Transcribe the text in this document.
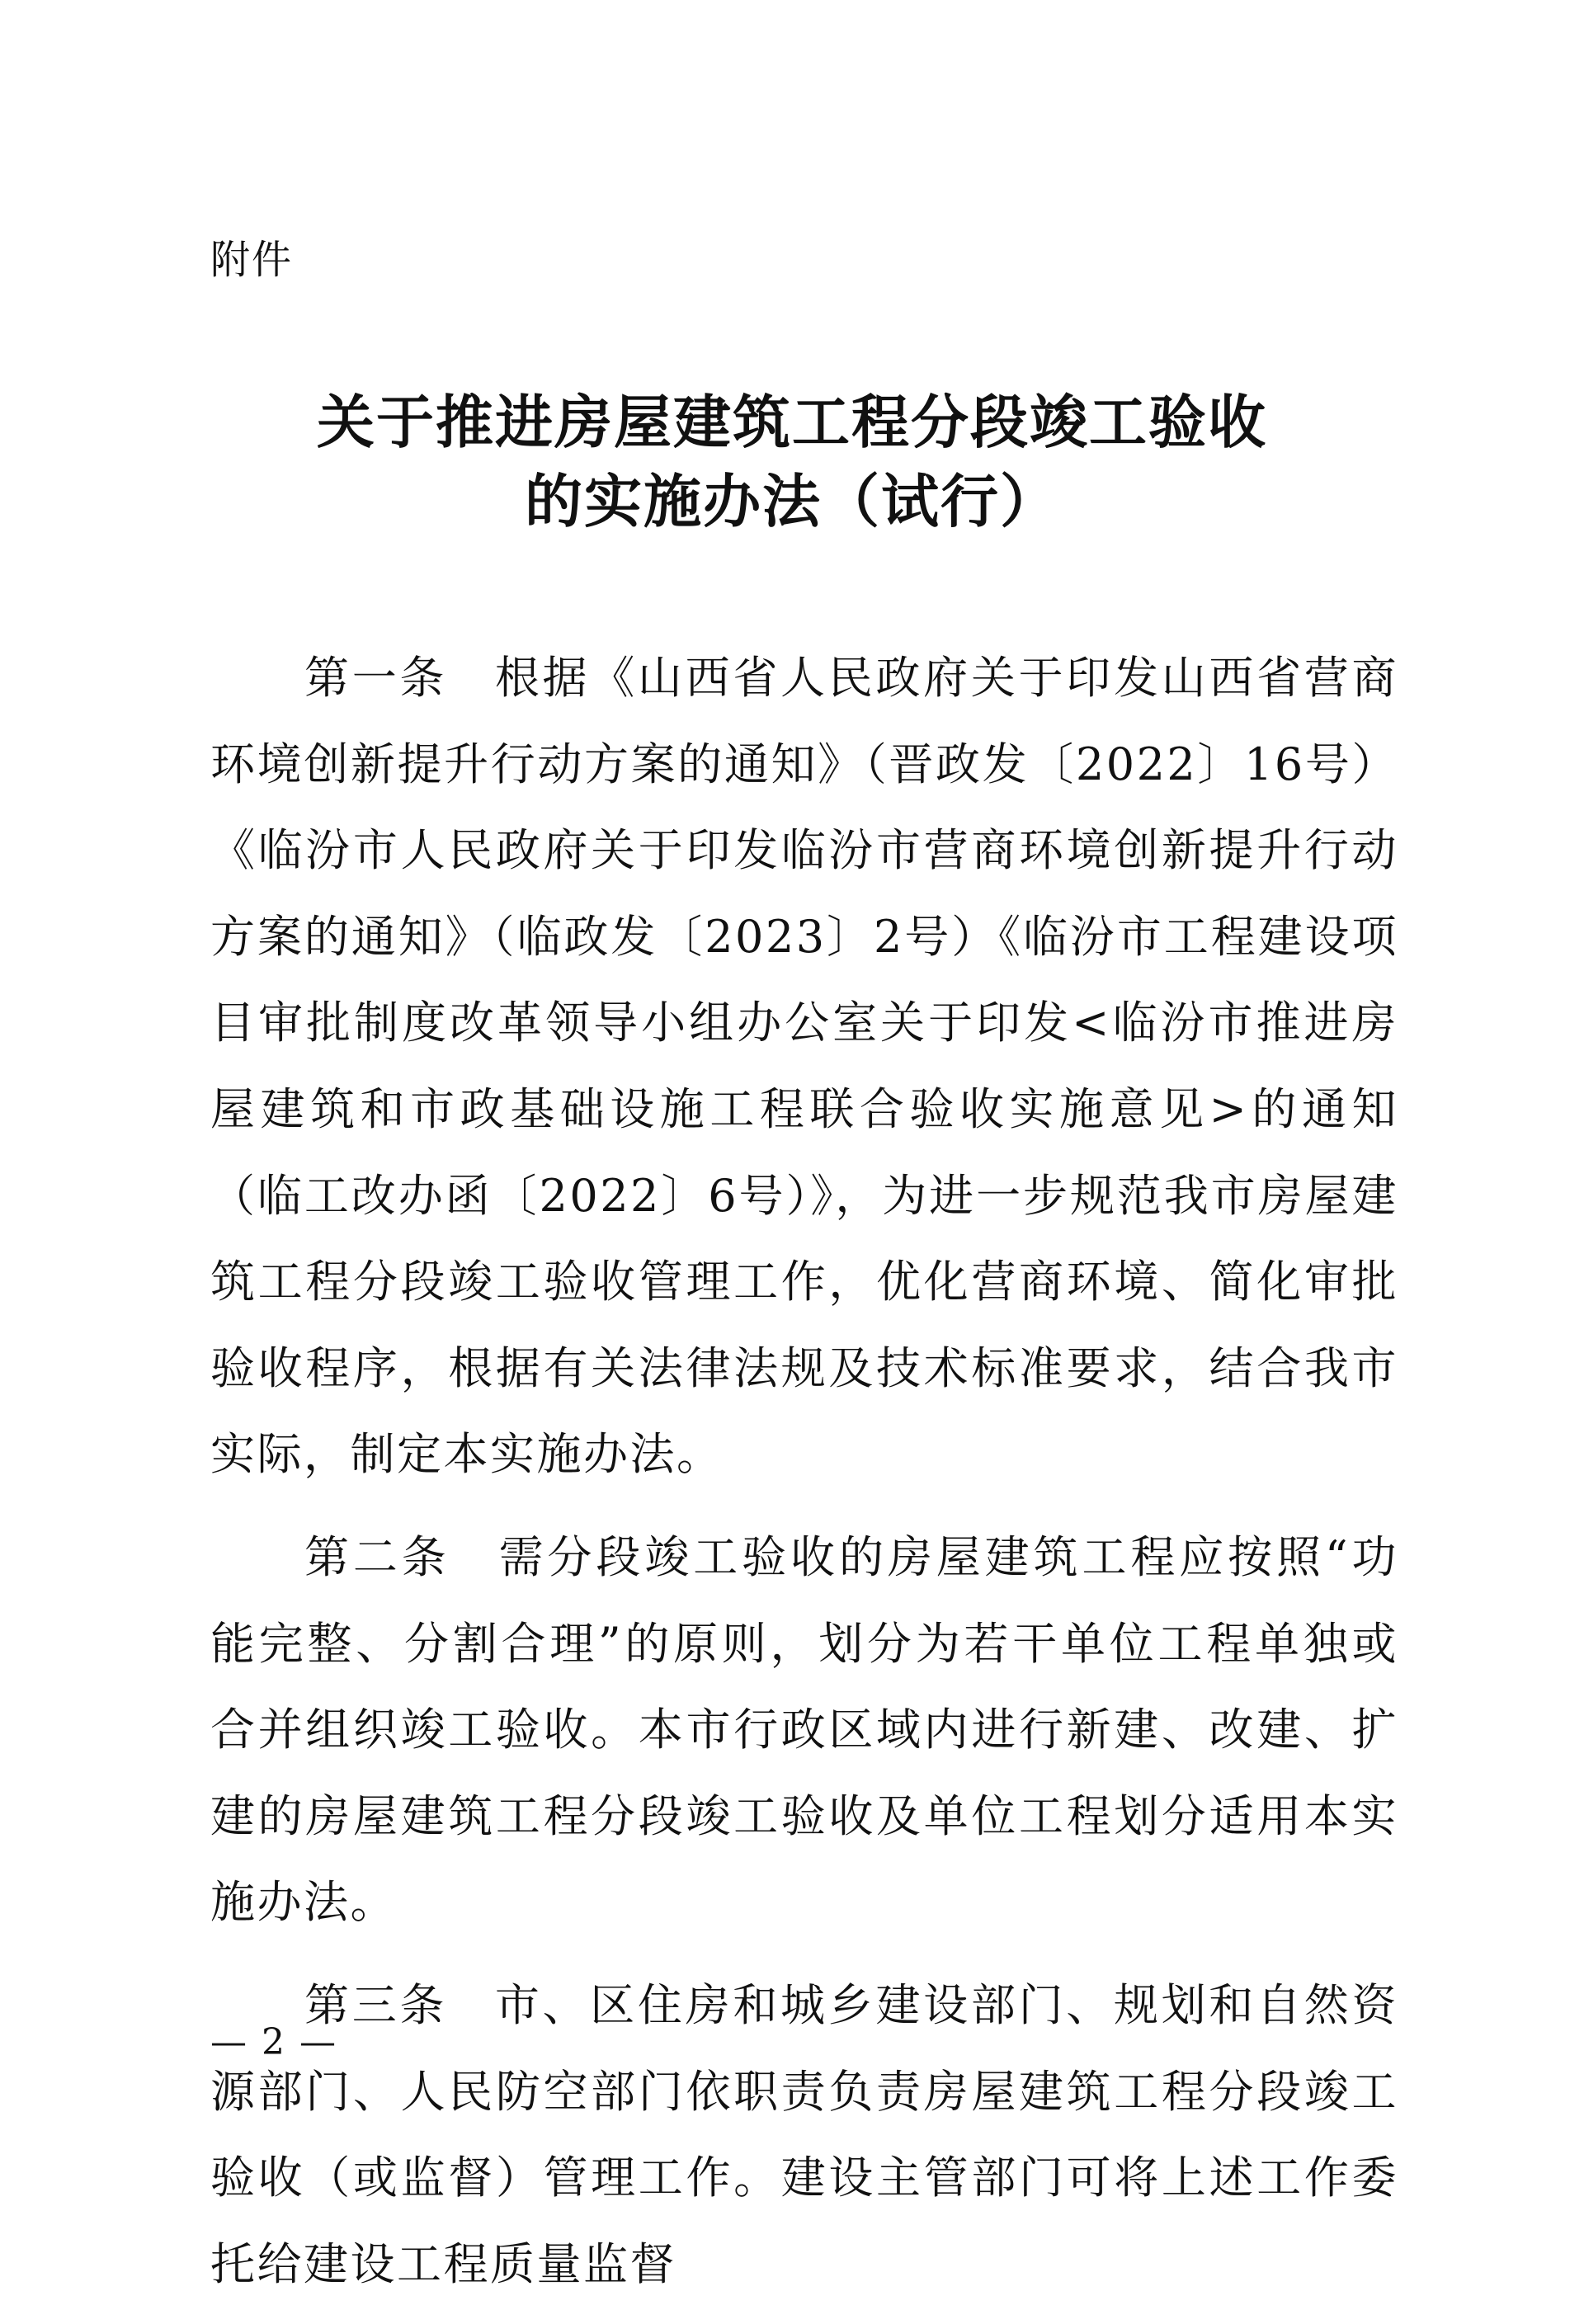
附件
关于推进房屋建筑工程分段竣工验收
的实施办法（试行）

第一条　根据《山西省人民政府关于印发山西省营商环境创新提升行动方案的通知》（晋政发〔2022〕16号）《临汾市人民政府关于印发临汾市营商环境创新提升行动方案的通知》（临政发〔2023〕2号）《临汾市工程建设项目审批制度改革领导小组办公室关于印发<临汾市推进房屋建筑和市政基础设施工程联合验收实施意见>的通知（临工改办函〔2022〕6号）》，为进一步规范我市房屋建筑工程分段竣工验收管理工作，优化营商环境、简化审批验收程序，根据有关法律法规及技术标准要求，结合我市实际，制定本实施办法。

第二条　需分段竣工验收的房屋建筑工程应按照“功能完整、分割合理”的原则，划分为若干单位工程单独或合并组织竣工验收。本市行政区域内进行新建、改建、扩建的房屋建筑工程分段竣工验收及单位工程划分适用本实施办法。

第三条　市、区住房和城乡建设部门、规划和自然资源部门、人民防空部门依职责负责房屋建筑工程分段竣工验收（或监督）管理工作。建设主管部门可将上述工作委托给建设工程质量监督

— 2 —
